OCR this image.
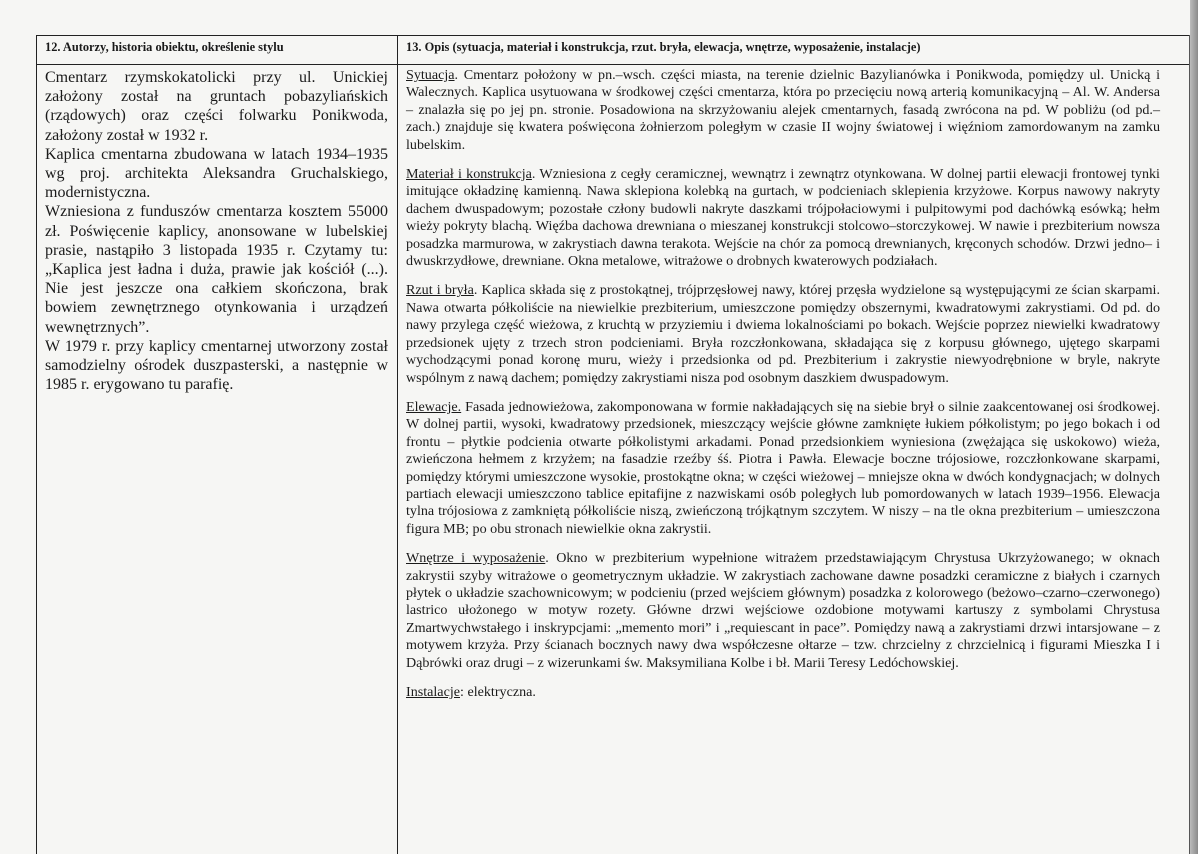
12. Autorzy, historia obiektu, określenie stylu	13. Opis (sytuacja, materiał i konstrukcja, rzut. bryła, elewacja, wnętrze, wyposażenie, instalacje)

Cmentarz rzymskokatolicki przy ul. Unickiej założony został na gruntach pobazyliańskich (rządowych) oraz części folwarku Ponikwoda, założony został w 1932 r.

Kaplica cmentarna zbudowana w latach 1934–1935 wg proj. architekta Aleksandra Gruchalskiego, modernistyczna.

Wzniesiona z funduszów cmentarza kosztem 55000 zł. Poświęcenie kaplicy, anonsowane w lubelskiej prasie, nastąpiło 3 listopada 1935 r. Czytamy tu: „Kaplica jest ładna i duża, prawie jak kościół (...). Nie jest jeszcze ona całkiem skończona, brak bowiem zewnętrznego otynkowania i urządzeń wewnętrznych”.

W 1979 r. przy kaplicy cmentarnej utworzony został samodzielny ośrodek duszpasterski, a następnie w 1985 r. erygowano tu parafię.

Sytuacja. Cmentarz położony w pn.–wsch. części miasta, na terenie dzielnic Bazylianówka i Ponikwoda, pomiędzy ul. Unicką i Walecznych. Kaplica usytuowana w środkowej części cmentarza, która po przecięciu nową arterią komunikacyjną – Al. W. Andersa – znalazła się po jej pn. stronie. Posadowiona na skrzyżowaniu alejek cmentarnych, fasadą zwrócona na pd. W pobliżu (od pd.–zach.) znajduje się kwatera poświęcona żołnierzom poległym w czasie II wojny światowej i więźniom zamordowanym na zamku lubelskim.

Materiał i konstrukcja. Wzniesiona z cegły ceramicznej, wewnątrz i zewnątrz otynkowana. W dolnej partii elewacji frontowej tynki imitujące okładzinę kamienną. Nawa sklepiona kolebką na gurtach, w podcieniach sklepienia krzyżowe. Korpus nawowy nakryty dachem dwuspadowym; pozostałe człony budowli nakryte daszkami trójpołaciowymi i pulpitowymi pod dachówką esówką; hełm wieży pokryty blachą. Więźba dachowa drewniana o mieszanej konstrukcji stolcowo–storczykowej. W nawie i prezbiterium nowsza posadzka marmurowa, w zakrystiach dawna terakota. Wejście na chór za pomocą drewnianych, kręconych schodów. Drzwi jedno– i dwuskrzydłowe, drewniane. Okna metalowe, witrażowe o drobnych kwaterowych podziałach.

Rzut i bryła. Kaplica składa się z prostokątnej, trójprzęsłowej nawy, której przęsła wydzielone są występującymi ze ścian skarpami. Nawa otwarta półkoliście na niewielkie prezbiterium, umieszczone pomiędzy obszernymi, kwadratowymi zakrystiami. Od pd. do nawy przylega część wieżowa, z kruchtą w przyziemiu i dwiema lokalnościami po bokach. Wejście poprzez niewielki kwadratowy przedsionek ujęty z trzech stron podcieniami. Bryła rozczłonkowana, składająca się z korpusu głównego, ujętego skarpami wychodzącymi ponad koronę muru, wieży i przedsionka od pd. Prezbiterium i zakrystie niewyodrębnione w bryle, nakryte wspólnym z nawą dachem; pomiędzy zakrystiami nisza pod osobnym daszkiem dwuspadowym.

Elewacje. Fasada jednowieżowa, zakomponowana w formie nakładających się na siebie brył o silnie zaakcentowanej osi środkowej. W dolnej partii, wysoki, kwadratowy przedsionek, mieszczący wejście główne zamknięte łukiem półkolistym; po jego bokach i od frontu – płytkie podcienia otwarte półkolistymi arkadami. Ponad przedsionkiem wyniesiona (zwężająca się uskokowo) wieża, zwieńczona hełmem z krzyżem; na fasadzie rzeźby śś. Piotra i Pawła. Elewacje boczne trójosiowe, rozczłonkowane skarpami, pomiędzy którymi umieszczone wysokie, prostokątne okna; w części wieżowej – mniejsze okna w dwóch kondygnacjach; w dolnych partiach elewacji umieszczono tablice epitafijne z nazwiskami osób poległych lub pomordowanych w latach 1939–1956. Elewacja tylna trójosiowa z zamkniętą półkoliście niszą, zwieńczoną trójkątnym szczytem. W niszy – na tle okna prezbiterium – umieszczona figura MB; po obu stronach niewielkie okna zakrystii.

Wnętrze i wyposażenie. Okno w prezbiterium wypełnione witrażem przedstawiającym Chrystusa Ukrzyżowanego; w oknach zakrystii szyby witrażowe o geometrycznym układzie. W zakrystiach zachowane dawne posadzki ceramiczne z białych i czarnych płytek o układzie szachownicowym; w podcieniu (przed wejściem głównym) posadzka z kolorowego (beżowo–czarno–czerwonego) lastrico ułożonego w motyw rozety. Główne drzwi wejściowe ozdobione motywami kartuszy z symbolami Chrystusa Zmartwychwstałego i inskrypcjami: „memento mori” i „requiescant in pace”. Pomiędzy nawą a zakrystiami drzwi intarsjowane – z motywem krzyża. Przy ścianach bocznych nawy dwa współczesne ołtarze – tzw. chrzcielny z chrzcielnicą i figurami Mieszka I i Dąbrówki oraz drugi – z wizerunkami św. Maksymiliana Kolbe i bł. Marii Teresy Ledóchowskiej.

Instalacje: elektryczna.
